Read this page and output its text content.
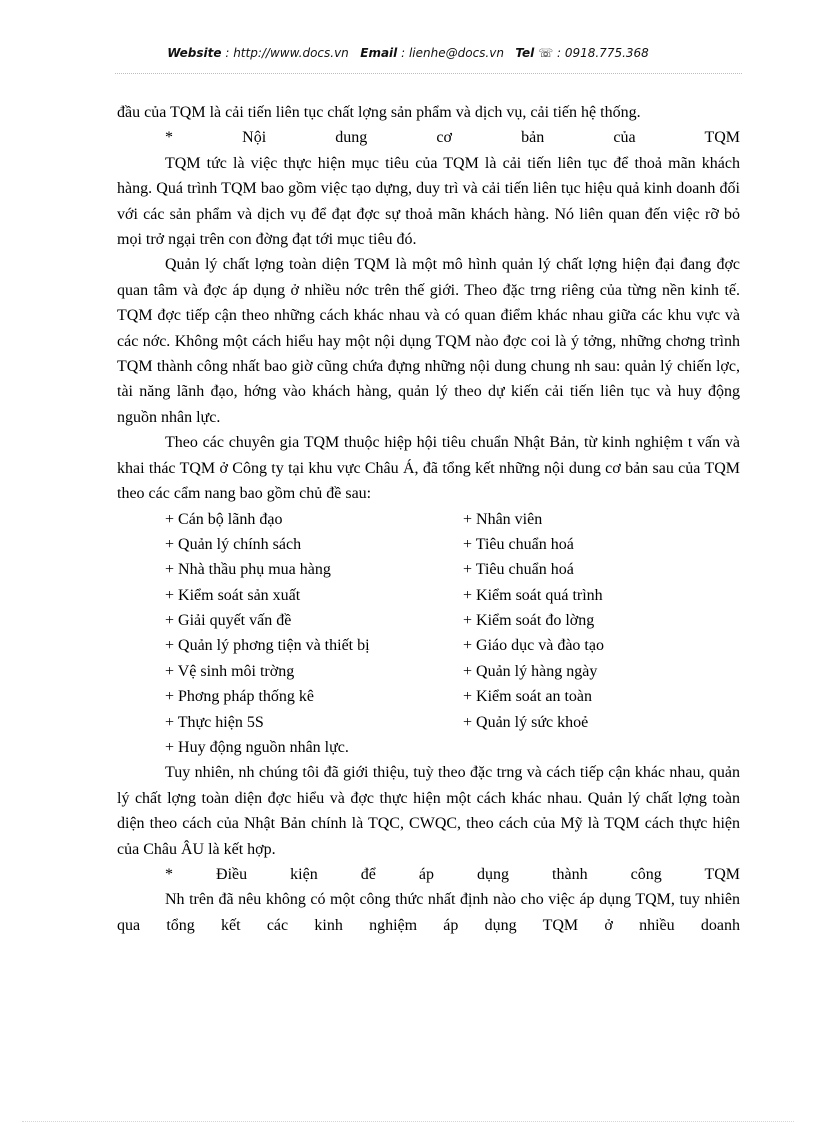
Website : http://www.docs.vn Email : lienhe@docs.vn Tel ☏ : 0918.775.368

đầu của TQM là cải tiến liên tục chất lợng sản phẩm và dịch vụ, cải tiến hệ thống.

* Nội dung cơ bản của TQM

TQM tức là việc thực hiện mục tiêu của TQM là cải tiến liên tục để thoả mãn khách hàng. Quá trình TQM bao gồm việc tạo dựng, duy trì và cải tiến liên tục hiệu quả kinh doanh đối với các sản phẩm và dịch vụ để đạt đợc sự thoả mãn khách hàng. Nó liên quan đến việc rỡ bỏ mọi trở ngại trên con đờng đạt tới mục tiêu đó.

Quản lý chất lợng toàn diện TQM là một mô hình quản lý chất lợng hiện đại đang đợc quan tâm và đợc áp dụng ở nhiều nớc trên thế giới. Theo đặc trng riêng của từng nền kinh tế. TQM đợc tiếp cận theo những cách khác nhau và có quan điểm khác nhau giữa các khu vực và các nớc. Không một cách hiểu hay một nội dụng TQM nào đợc coi là ý tởng, những chơng trình TQM thành công nhất bao giờ cũng chứa đựng những nội dung chung nh sau: quản lý chiến lợc, tài năng lãnh đạo, hớng vào khách hàng, quản lý theo dự kiến cải tiến liên tục và huy động nguồn nhân lực.

Theo các chuyên gia TQM thuộc hiệp hội tiêu chuẩn Nhật Bản, từ kinh nghiệm t vấn và khai thác TQM ở Công ty tại khu vực Châu Á, đã tổng kết những nội dung cơ bản sau của TQM theo các cẩm nang bao gồm chủ đề sau:

+ Cán bộ lãnh đạo	+ Nhân viên
+ Quản lý chính sách	+ Tiêu chuẩn hoá
+ Nhà thầu phụ mua hàng	+ Tiêu chuẩn hoá
+ Kiểm soát sản xuất	+ Kiểm soát quá trình
+ Giải quyết vấn đề	+ Kiểm soát đo lờng
+ Quản lý phơng tiện và thiết bị	+ Giáo dục và đào tạo
+ Vệ sinh môi trờng	+ Quản lý hàng ngày
+ Phơng pháp thống kê	+ Kiểm soát an toàn
+ Thực hiện 5S	+ Quản lý sức khoẻ
+ Huy động nguồn nhân lực.

Tuy nhiên, nh chúng tôi đã giới thiệu, tuỳ theo đặc trng và cách tiếp cận khác nhau, quản lý chất lợng toàn diện đợc hiểu và đợc thực hiện một cách khác nhau. Quản lý chất lợng toàn diện theo cách của Nhật Bản chính là TQC, CWQC, theo cách của Mỹ là TQM cách thực hiện của Châu ÂU là kết hợp.

* Điều kiện để áp dụng thành công TQM

Nh trên đã nêu không có một công thức nhất định nào cho việc áp dụng TQM, tuy nhiên qua tổng kết các kinh nghiệm áp dụng TQM ở nhiều doanh
